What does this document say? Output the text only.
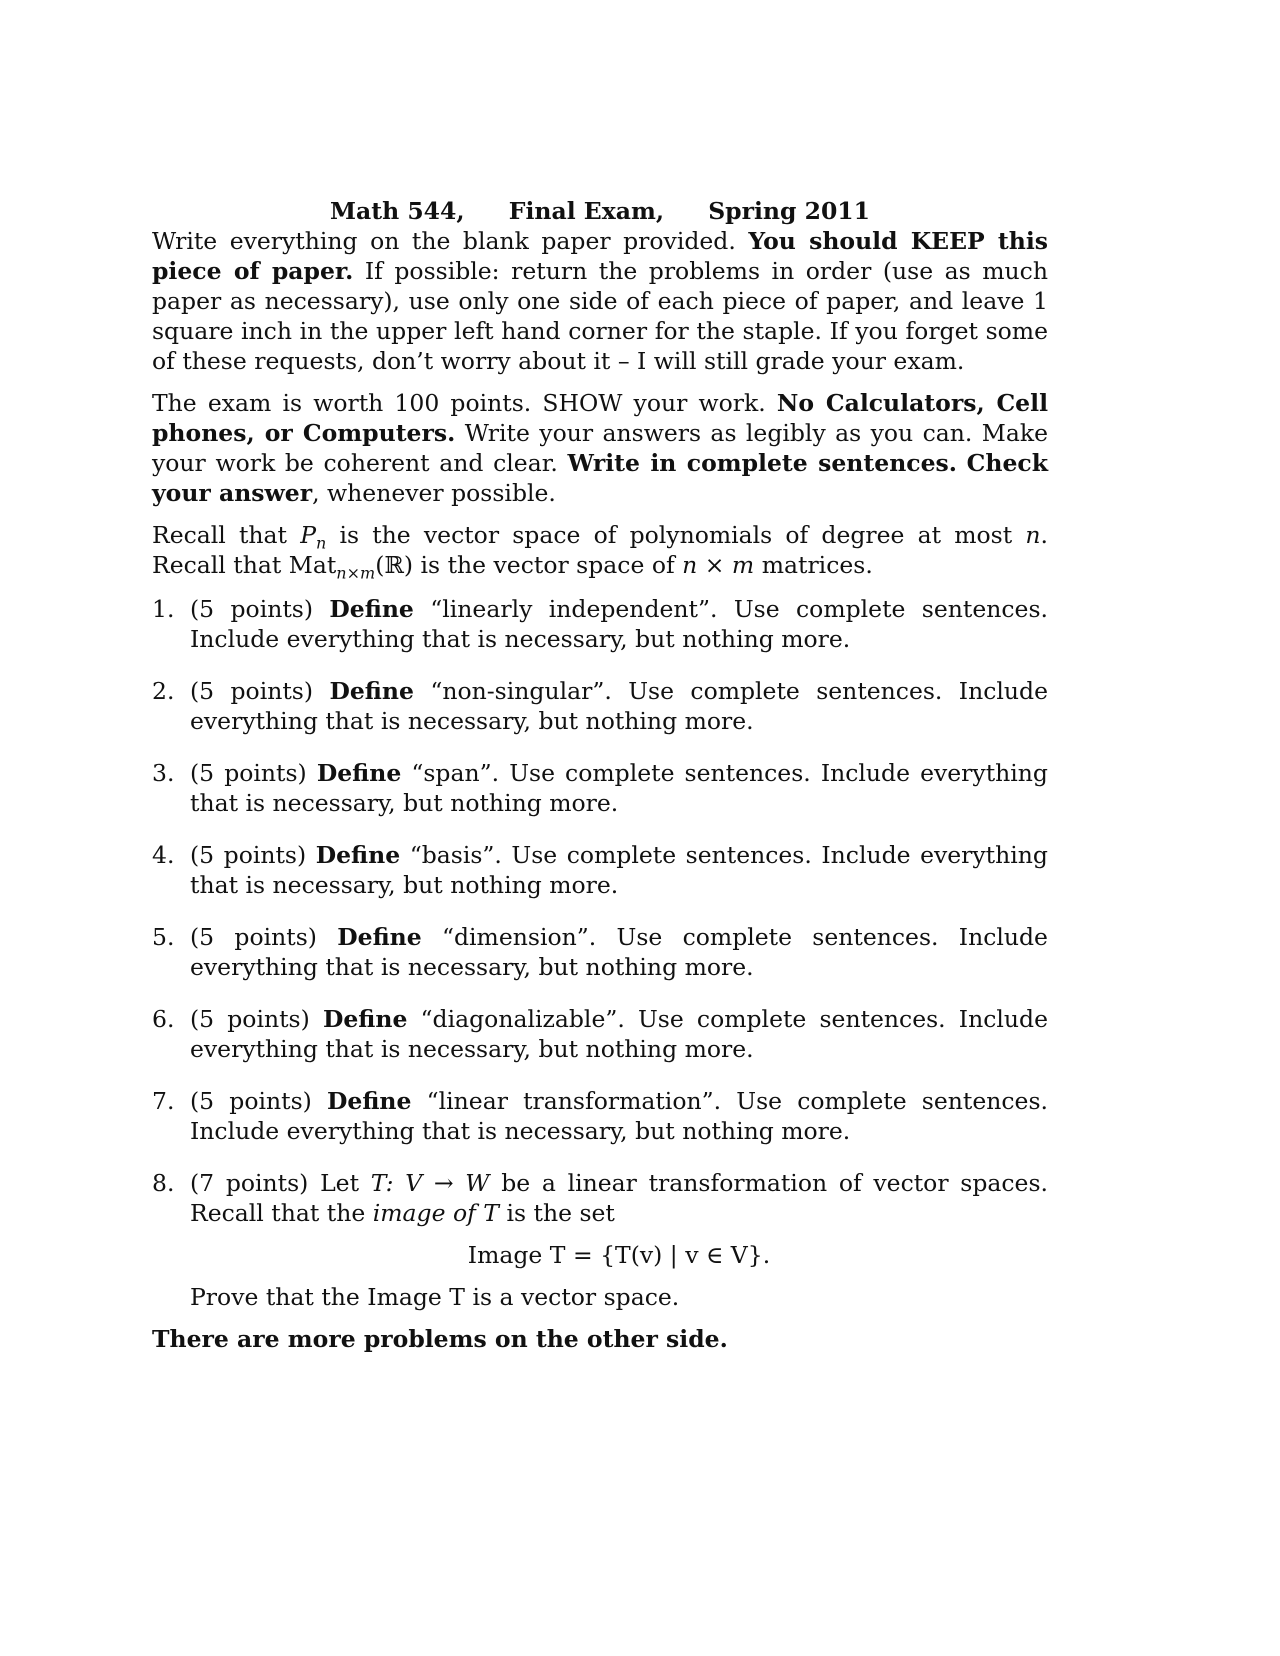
Math 544, Final Exam, Spring 2011

Write everything on the blank paper provided. You should KEEP this piece of paper. If possible: return the problems in order (use as much paper as necessary), use only one side of each piece of paper, and leave 1 square inch in the upper left hand corner for the staple. If you forget some of these requests, don’t worry about it – I will still grade your exam.

The exam is worth 100 points. SHOW your work. No Calculators, Cell phones, or Computers. Write your answers as legibly as you can. Make your work be coherent and clear. Write in complete sentences. Check your answer, whenever possible.

Recall that $P_n$ is the vector space of polynomials of degree at most n. Recall that Mat$_{n\times m}$(ℝ) is the vector space of n × m matrices.

1. (5 points) Define “linearly independent”. Use complete sentences. Include everything that is necessary, but nothing more.
2. (5 points) Define “non-singular”. Use complete sentences. Include everything that is necessary, but nothing more.
3. (5 points) Define “span”. Use complete sentences. Include everything that is necessary, but nothing more.
4. (5 points) Define “basis”. Use complete sentences. Include everything that is necessary, but nothing more.
5. (5 points) Define “dimension”. Use complete sentences. Include everything that is necessary, but nothing more.
6. (5 points) Define “diagonalizable”. Use complete sentences. Include everything that is necessary, but nothing more.
7. (5 points) Define “linear transformation”. Use complete sentences. Include everything that is necessary, but nothing more.
8. (7 points) Let T: V → W be a linear transformation of vector spaces. Recall that the image of T is the set
Image T = {T(v) | v ∈ V}.

Prove that the Image T is a vector space.

There are more problems on the other side.
